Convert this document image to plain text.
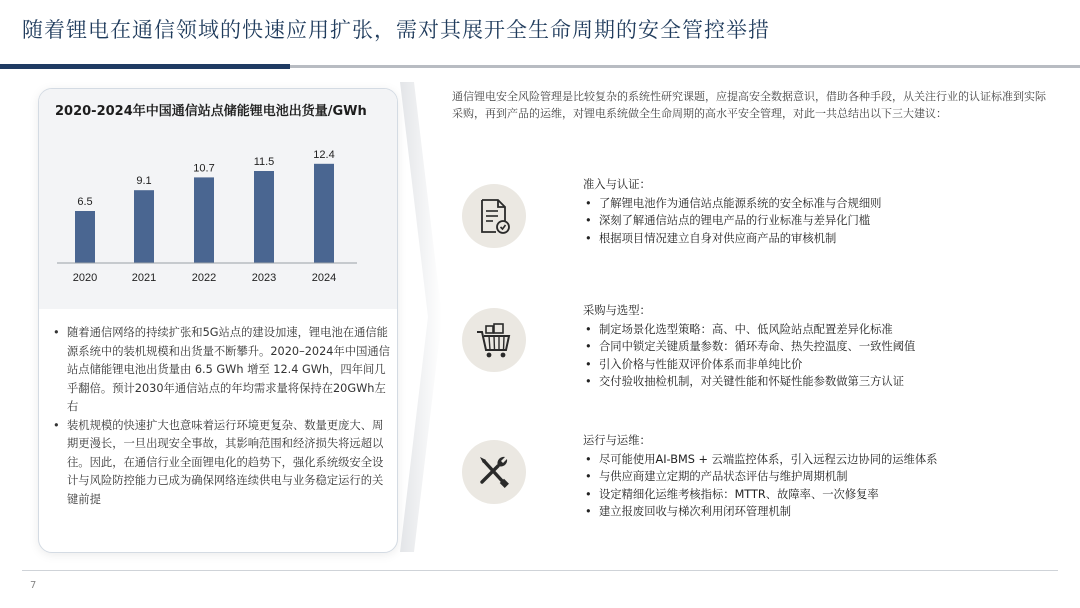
随着锂电在通信领域的快速应用扩张，需对其展开全生命周期的安全管控举措
2020-2024年中国通信站点储能锂电池出货量/GWh
6.5
2020
9.1
2021
10.7
2022
11.5
2023
12.4
2024
• 随着通信网络的持续扩张和5G站点的建设加速，锂电池在通信能源系统中的装机规模和出货量不断攀升。2020–2024年中国通信站点储能锂电池出货量由 6.5 GWh 增至 12.4 GWh，四年间几乎翻倍。预计2030年通信站点的年均需求量将保持在20GWh左右
• 装机规模的快速扩大也意味着运行环境更复杂、数量更庞大、周期更漫长，一旦出现安全事故，其影响范围和经济损失将远超以往。因此，在通信行业全面锂电化的趋势下，强化系统级安全设计与风险防控能力已成为确保网络连续供电与业务稳定运行的关键前提
通信锂电安全风险管理是比较复杂的系统性研究课题，应提高安全数据意识，借助各种手段，从关注行业的认证标准到实际采购，再到产品的运维，对锂电系统做全生命周期的高水平安全管理，对此一共总结出以下三大建议：
准入与认证：
• 了解锂电池作为通信站点能源系统的安全标准与合规细则
• 深刻了解通信站点的锂电产品的行业标准与差异化门槛
• 根据项目情况建立自身对供应商产品的审核机制
采购与选型：
• 制定场景化选型策略：高、中、低风险站点配置差异化标准
• 合同中锁定关键质量参数：循环寿命、热失控温度、一致性阈值
• 引入价格与性能双评价体系而非单纯比价
• 交付验收抽检机制，对关键性能和怀疑性能参数做第三方认证
运行与运维：
• 尽可能使用AI-BMS + 云端监控体系，引入远程云边协同的运维体系
• 与供应商建立定期的产品状态评估与维护周期机制
• 设定精细化运维考核指标：MTTR、故障率、一次修复率
• 建立报废回收与梯次利用闭环管理机制
7
